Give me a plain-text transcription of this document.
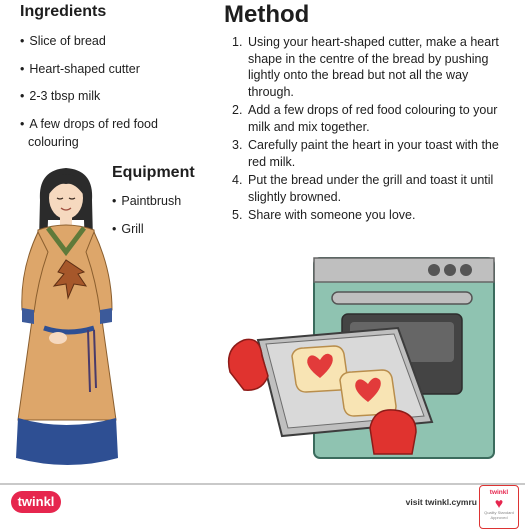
Ingredients
• Slice of bread
• Heart-shaped cutter
• 2-3 tbsp milk
• A few drops of red food colouring
Equipment
• Paintbrush
• Grill
Method
1. Using your heart-shaped cutter, make a heart shape in the centre of the bread by pushing lightly onto the bread but not all the way through.
2. Add a few drops of red food colouring to your milk and mix together.
3. Carefully paint the heart in your toast with the red milk.
4. Put the bread under the grill and toast it until slightly browned.
5. Share with someone you love.
twinkl	visit twinkl.cymru
twinkl
♥
Quality Standard Approved
